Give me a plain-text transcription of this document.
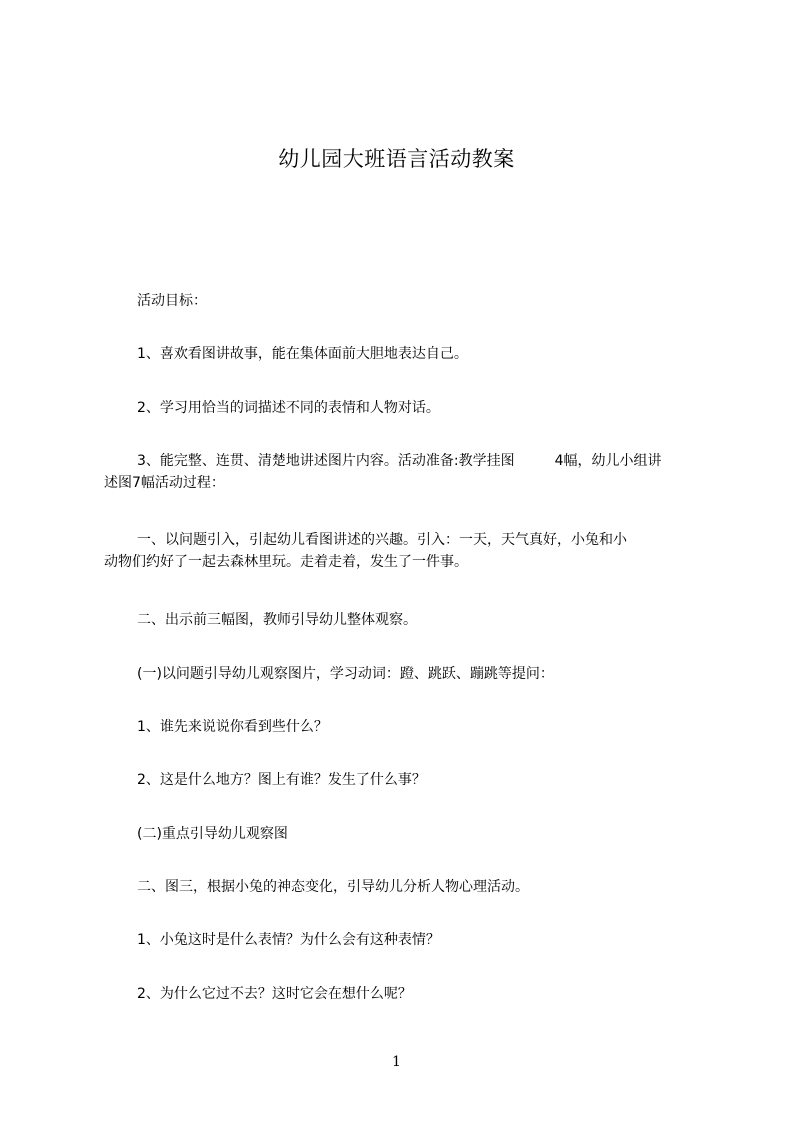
幼儿园大班语言活动教案
活动目标：
1、喜欢看图讲故事，能在集体面前大胆地表达自己。
2、学习用恰当的词描述不同的表情和人物对话。
3、能完整、连贯、清楚地讲述图片内容。活动准备:教学挂图	4幅，幼儿小组讲
述图7幅活动过程：
一、以问题引入，引起幼儿看图讲述的兴趣。引入：一天，天气真好，小兔和小
动物们约好了一起去森林里玩。走着走着，发生了一件事。
二、出示前三幅图，教师引导幼儿整体观察。
(一)以问题引导幼儿观察图片，学习动词：蹬、跳跃、蹦跳等提问：
1、谁先来说说你看到些什么？
2、这是什么地方？图上有谁？发生了什么事？
(二)重点引导幼儿观察图
二、图三，根据小兔的神态变化，引导幼儿分析人物心理活动。
1、小兔这时是什么表情？为什么会有这种表情？
2、为什么它过不去？这时它会在想什么呢？
1
